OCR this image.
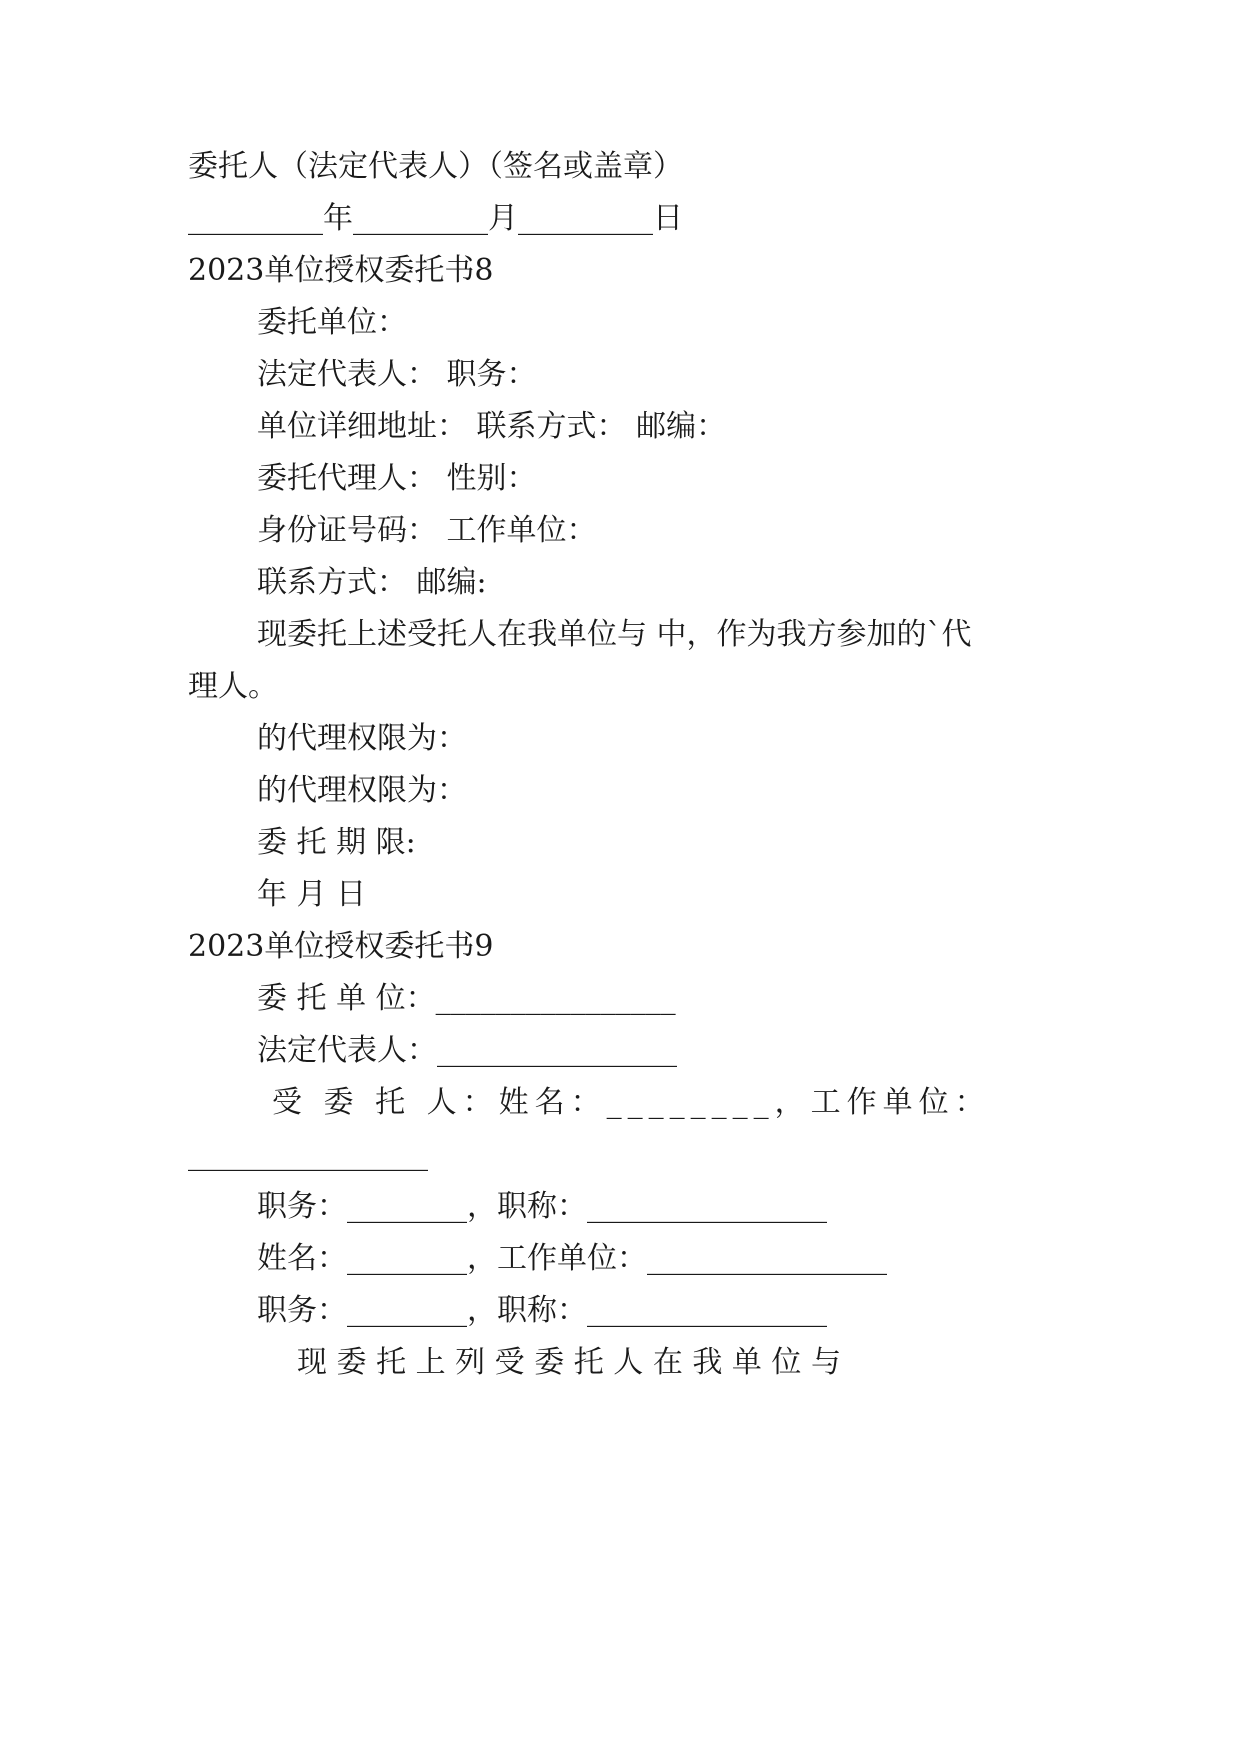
委托人（法定代表人）（签名或盖章）
_________年_________月_________日
2023单位授权委托书8
委托单位：
法定代表人： 职务：
单位详细地址： 联系方式： 邮编：
委托代理人： 性别：
身份证号码： 工作单位：
联系方式： 邮编:
现委托上述受托人在我单位与 中，作为我方参加的`代
理人。
的代理权限为：
的代理权限为：
委 托 期 限:
年 月 日
2023单位授权委托书9
委 托 单 位：________________
法定代表人：________________
受 委 托 人：姓名：________，工作单位：
________________
职务：________，职称：________________
姓名：________，工作单位：________________
职务：________，职称：________________
现 委 托 上 列 受 委 托 人 在 我 单 位 与
